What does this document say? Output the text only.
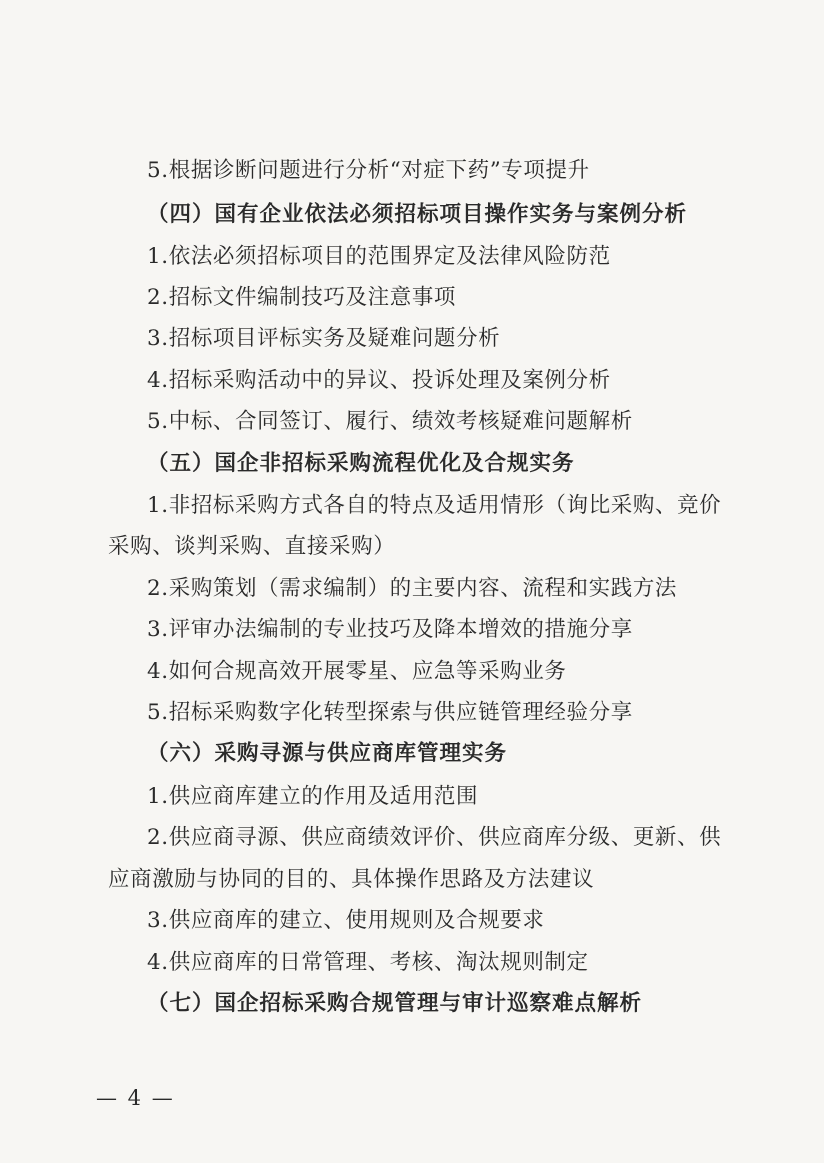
5.根据诊断问题进行分析“对症下药”专项提升
（四）国有企业依法必须招标项目操作实务与案例分析
1.依法必须招标项目的范围界定及法律风险防范
2.招标文件编制技巧及注意事项
3.招标项目评标实务及疑难问题分析
4.招标采购活动中的异议、投诉处理及案例分析
5.中标、合同签订、履行、绩效考核疑难问题解析
（五）国企非招标采购流程优化及合规实务
1.非招标采购方式各自的特点及适用情形（询比采购、竞价
采购、谈判采购、直接采购）
2.采购策划（需求编制）的主要内容、流程和实践方法
3.评审办法编制的专业技巧及降本增效的措施分享
4.如何合规高效开展零星、应急等采购业务
5.招标采购数字化转型探索与供应链管理经验分享
（六）采购寻源与供应商库管理实务
1.供应商库建立的作用及适用范围
2.供应商寻源、供应商绩效评价、供应商库分级、更新、供
应商激励与协同的目的、具体操作思路及方法建议
3.供应商库的建立、使用规则及合规要求
4.供应商库的日常管理、考核、淘汰规则制定
（七）国企招标采购合规管理与审计巡察难点解析
— 4 —
